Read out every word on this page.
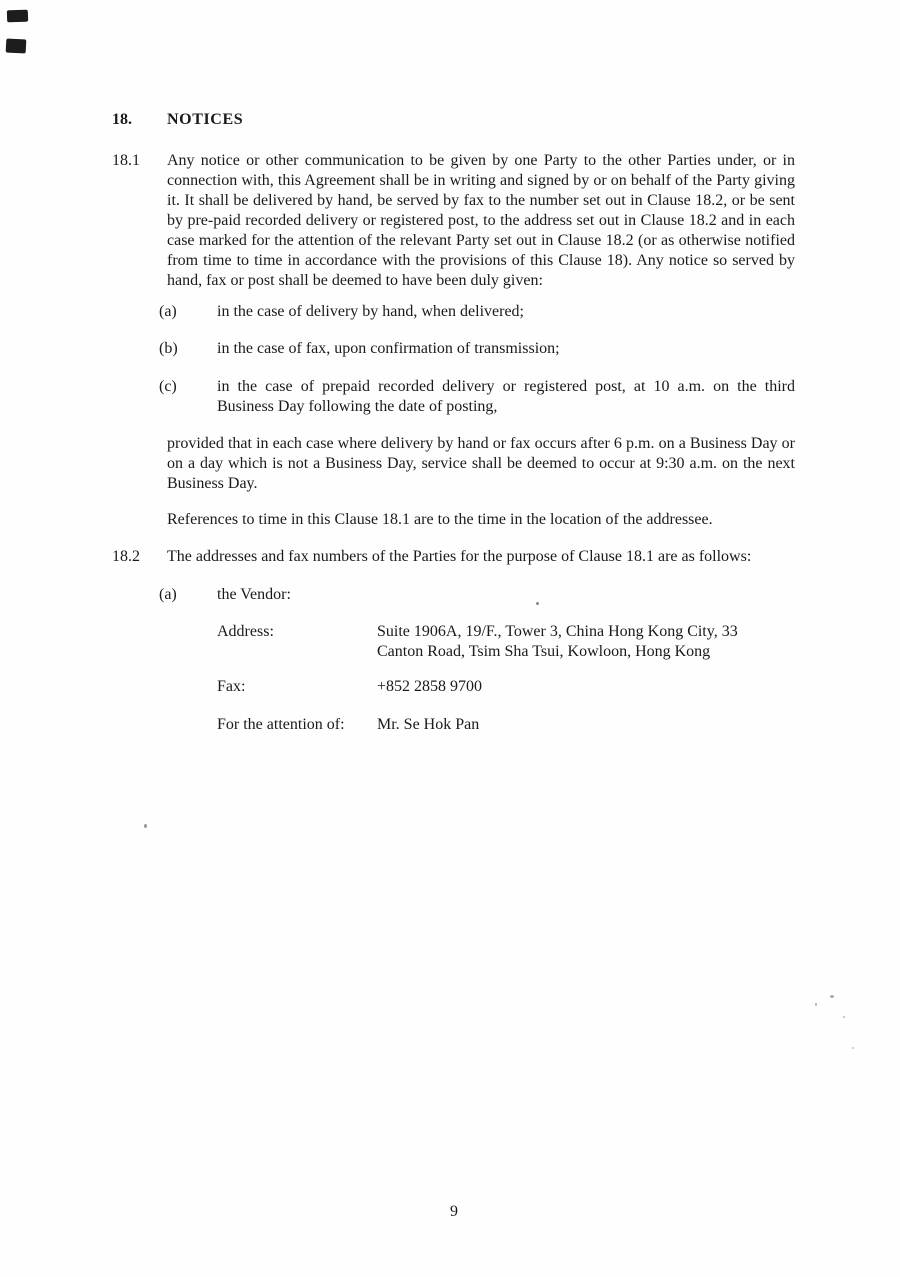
18.	NOTICES
18.1	Any notice or other communication to be given by one Party to the other Parties under, or in connection with, this Agreement shall be in writing and signed by or on behalf of the Party giving it. It shall be delivered by hand, be served by fax to the number set out in Clause 18.2, or be sent by pre-paid recorded delivery or registered post, to the address set out in Clause 18.2 and in each case marked for the attention of the relevant Party set out in Clause 18.2 (or as otherwise notified from time to time in accordance with the provisions of this Clause 18). Any notice so served by hand, fax or post shall be deemed to have been duly given:
(a)	in the case of delivery by hand, when delivered;
(b)	in the case of fax, upon confirmation of transmission;
(c)	in the case of prepaid recorded delivery or registered post, at 10 a.m. on the third Business Day following the date of posting,
provided that in each case where delivery by hand or fax occurs after 6 p.m. on a Business Day or on a day which is not a Business Day, service shall be deemed to occur at 9:30 a.m. on the next Business Day.
References to time in this Clause 18.1 are to the time in the location of the addressee.
18.2	The addresses and fax numbers of the Parties for the purpose of Clause 18.1 are as follows:
(a)	the Vendor:
Address:	Suite 1906A, 19/F., Tower 3, China Hong Kong City, 33
Canton Road, Tsim Sha Tsui, Kowloon, Hong Kong
Fax:	+852 2858 9700
For the attention of:	Mr. Se Hok Pan
9
